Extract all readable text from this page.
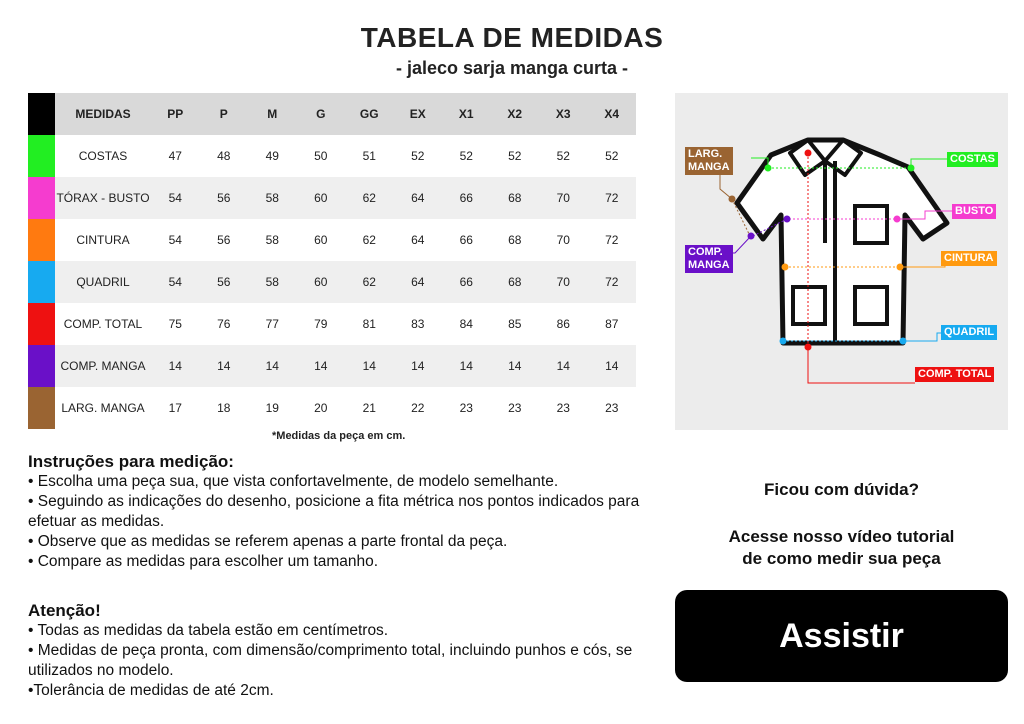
TABELA DE MEDIDAS
- jaleco sarja manga curta -
	MEDIDAS	PP	P	M	G	GG	EX	X1	X2	X3	X4
	COSTAS	47	48	49	50	51	52	52	52	52	52
	TÓRAX - BUSTO	54	56	58	60	62	64	66	68	70	72
	CINTURA	54	56	58	60	62	64	66	68	70	72
	QUADRIL	54	56	58	60	62	64	66	68	70	72
	COMP. TOTAL	75	76	77	79	81	83	84	85	86	87
	COMP. MANGA	14	14	14	14	14	14	14	14	14	14
	LARG. MANGA	17	18	19	20	21	22	23	23	23	23
*Medidas da peça em cm.
LARG.
MANGA
COSTAS
BUSTO
COMP.
MANGA
CINTURA
QUADRIL
COMP. TOTAL
Instruções para medição:

• Escolha uma peça sua, que vista confortavelmente, de modelo semelhante.

• Seguindo as indicações do desenho, posicione a fita métrica nos pontos indicados para efetuar as medidas.

• Observe que as medidas se referem apenas a parte frontal da peça.

• Compare as medidas para escolher um tamanho.

Atenção!

• Todas as medidas da tabela estão em centímetros.

• Medidas de peça pronta, com dimensão/comprimento total, incluindo punhos e cós, se utilizados no modelo.

•Tolerância de medidas de até 2cm.

Ficou com dúvida?

Acesse nosso vídeo tutorial

de como medir sua peça

Assistir
